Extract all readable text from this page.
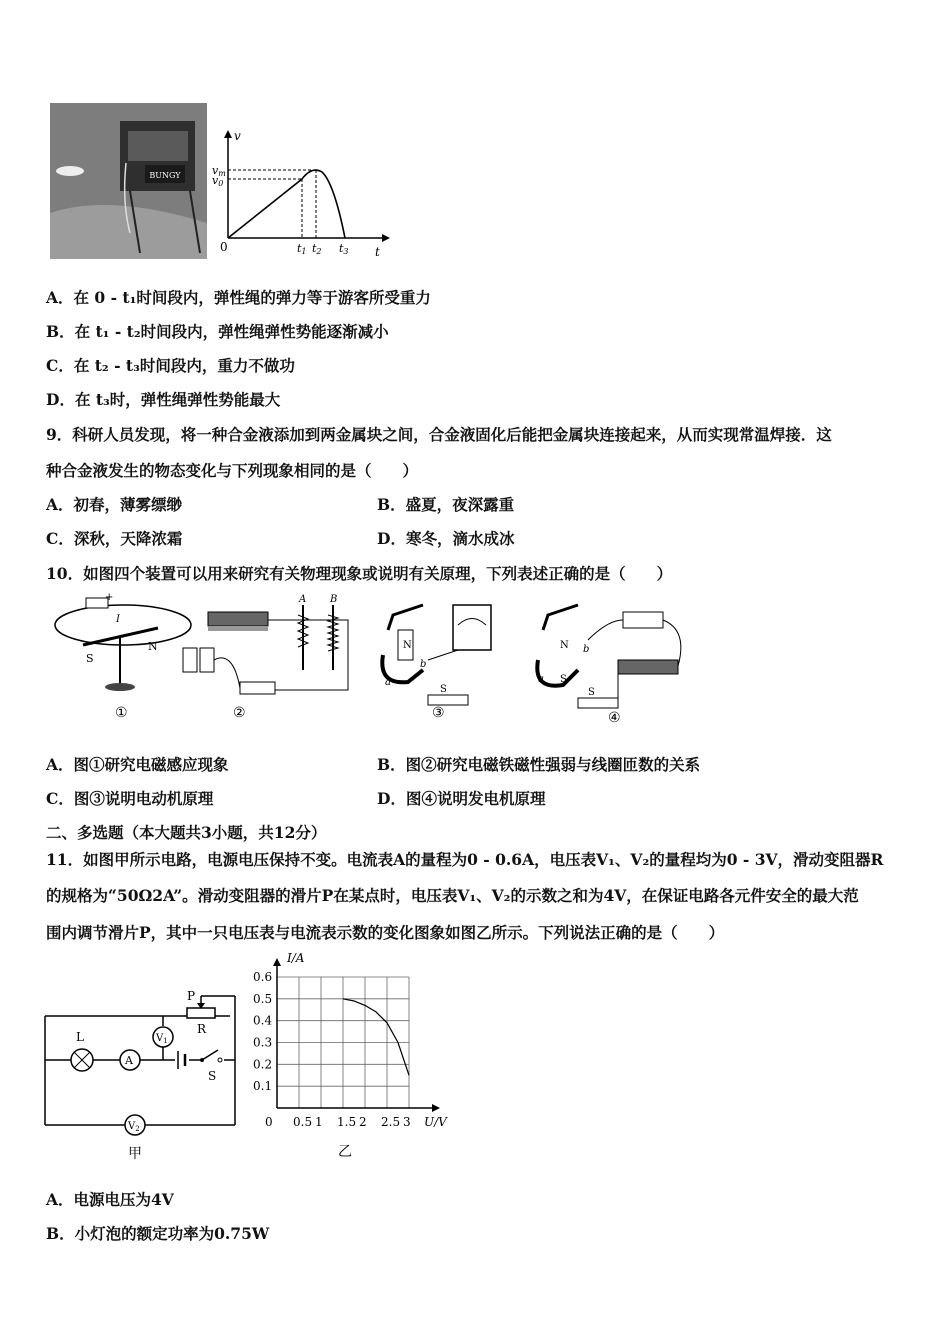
BUNGY
v
t
0
vm
v0
t1 t2 t3
A．在 0 - t₁时间段内，弹性绳的弹力等于游客所受重力
B．在 t₁ - t₂时间段内，弹性绳弹性势能逐渐减小
C．在 t₂ - t₃时间段内，重力不做功
D．在 t₃时，弹性绳弹性势能最大
9．科研人员发现，将一种合金液添加到两金属块之间，合金液固化后能把金属块连接起来，从而实现常温焊接．这
种合金液发生的物态变化与下列现象相同的是（　　）
A．初春，薄雾缥缈	B．盛夏，夜深露重
C．深秋，天降浓霜	D．寒冬，滴水成冰
10．如图四个装置可以用来研究有关物理现象或说明有关原理，下列表述正确的是（　　）
+
S
N
I
①
A B
②
N
S
a
b
③
N
S
b
a
S
④
A．图①研究电磁感应现象	B．图②研究电磁铁磁性强弱与线圈匝数的关系
C．图③说明电动机原理	D．图④说明发电机原理
二、多选题（本大题共3小题，共12分）
11．如图甲所示电路，电源电压保持不变。电流表A的量程为0 - 0.6A，电压表V₁、V₂的量程均为0 - 3V，滑动变阻器R
的规格为“50Ω2A”。滑动变阻器的滑片P在某点时，电压表V₁、V₂的示数之和为4V，在保证电路各元件安全的最大范
围内调节滑片P，其中一只电压表与电流表示数的变化图象如图乙所示。下列说法正确的是（　　）
P
R
L
A
$V_1$
S
$V_2$
甲
0.5 1 1.5 2 2.5 3
0.1
0.2
0.3
0.4
0.5
0.6
I/A
U/V
0
乙
A．电源电压为4V
B．小灯泡的额定功率为0.75W
